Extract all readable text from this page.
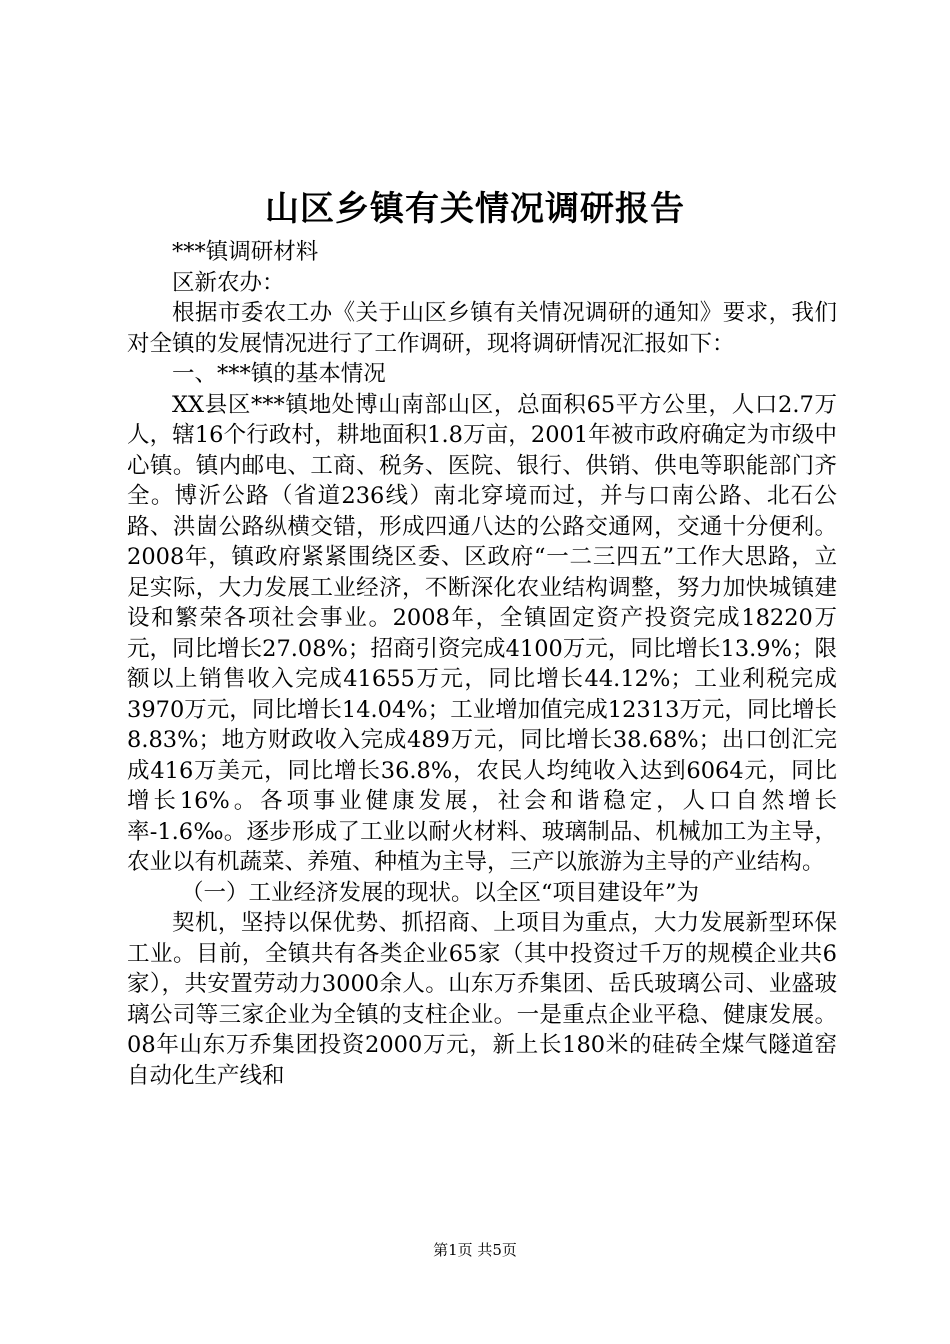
山区乡镇有关情况调研报告

***镇调研材料

区新农办：

根据市委农工办《关于山区乡镇有关情况调研的通知》要求，我们对全镇的发展情况进行了工作调研，现将调研情况汇报如下：

一、***镇的基本情况

XX县区***镇地处博山南部山区，总面积65平方公里，人口2.7万人，辖16个行政村，耕地面积1.8万亩，2001年被市政府确定为市级中心镇。镇内邮电、工商、税务、医院、银行、供销、供电等职能部门齐全。博沂公路（省道236线）南北穿境而过，并与口南公路、北石公路、洪崮公路纵横交错，形成四通八达的公路交通网，交通十分便利。2008年，镇政府紧紧围绕区委、区政府“一二三四五”工作大思路，立足实际，大力发展工业经济，不断深化农业结构调整，努力加快城镇建设和繁荣各项社会事业。2008年，全镇固定资产投资完成18220万元，同比增长27.08%；招商引资完成4100万元，同比增长13.9%；限额以上销售收入完成41655万元，同比增长44.12%；工业利税完成3970万元，同比增长14.04%；工业增加值完成12313万元，同比增长8.83%；地方财政收入完成489万元，同比增长38.68%；出口创汇完成416万美元，同比增长36.8%，农民人均纯收入达到6064元，同比增长16%。各项事业健康发展，社会和谐稳定，人口自然增长率-1.6‰。逐步形成了工业以耐火材料、玻璃制品、机械加工为主导，农业以有机蔬菜、养殖、种植为主导，三产以旅游为主导的产业结构。

（一）工业经济发展的现状。以全区“项目建设年”为

契机，坚持以保优势、抓招商、上项目为重点，大力发展新型环保工业。目前，全镇共有各类企业65家（其中投资过千万的规模企业共6家），共安置劳动力3000余人。山东万乔集团、岳氏玻璃公司、业盛玻璃公司等三家企业为全镇的支柱企业。一是重点企业平稳、健康发展。08年山东万乔集团投资2000万元，新上长180米的硅砖全煤气隧道窑自动化生产线和

第1页 共5页
